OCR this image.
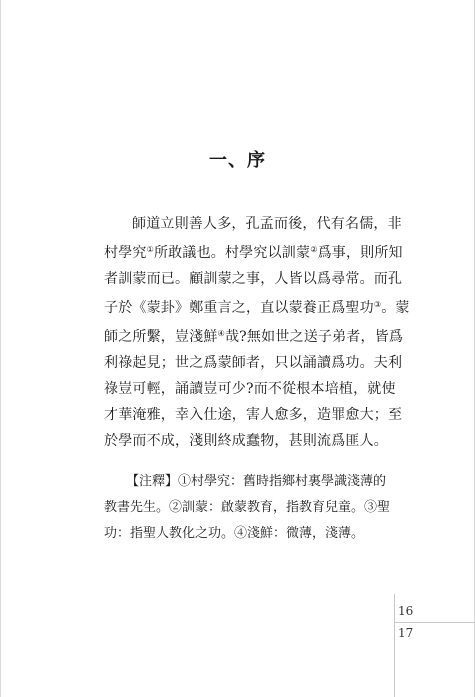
一、序
師道立則善人多，孔孟而後，代有名儒，非
村學究①所敢議也。村學究以訓蒙②爲事，則所知
者訓蒙而已。顧訓蒙之事，人皆以爲尋常。而孔
子於《蒙卦》鄭重言之，直以蒙養正爲聖功③。蒙
師之所繫，豈淺鮮④哉?無如世之送子弟者，皆爲
利祿起見；世之爲蒙師者，只以誦讀爲功。夫利
祿豈可輕，誦讀豈可少?而不從根本培植，就使
才華淹雅，幸入仕途，害人愈多，造罪愈大；至
於學而不成，淺則終成蠢物，甚則流爲匪人。
【注釋】①村學究：舊時指鄉村裏學識淺薄的
教書先生。②訓蒙：啟蒙教育，指教育兒童。③聖
功：指聖人教化之功。④淺鮮：微薄，淺薄。
16
17
